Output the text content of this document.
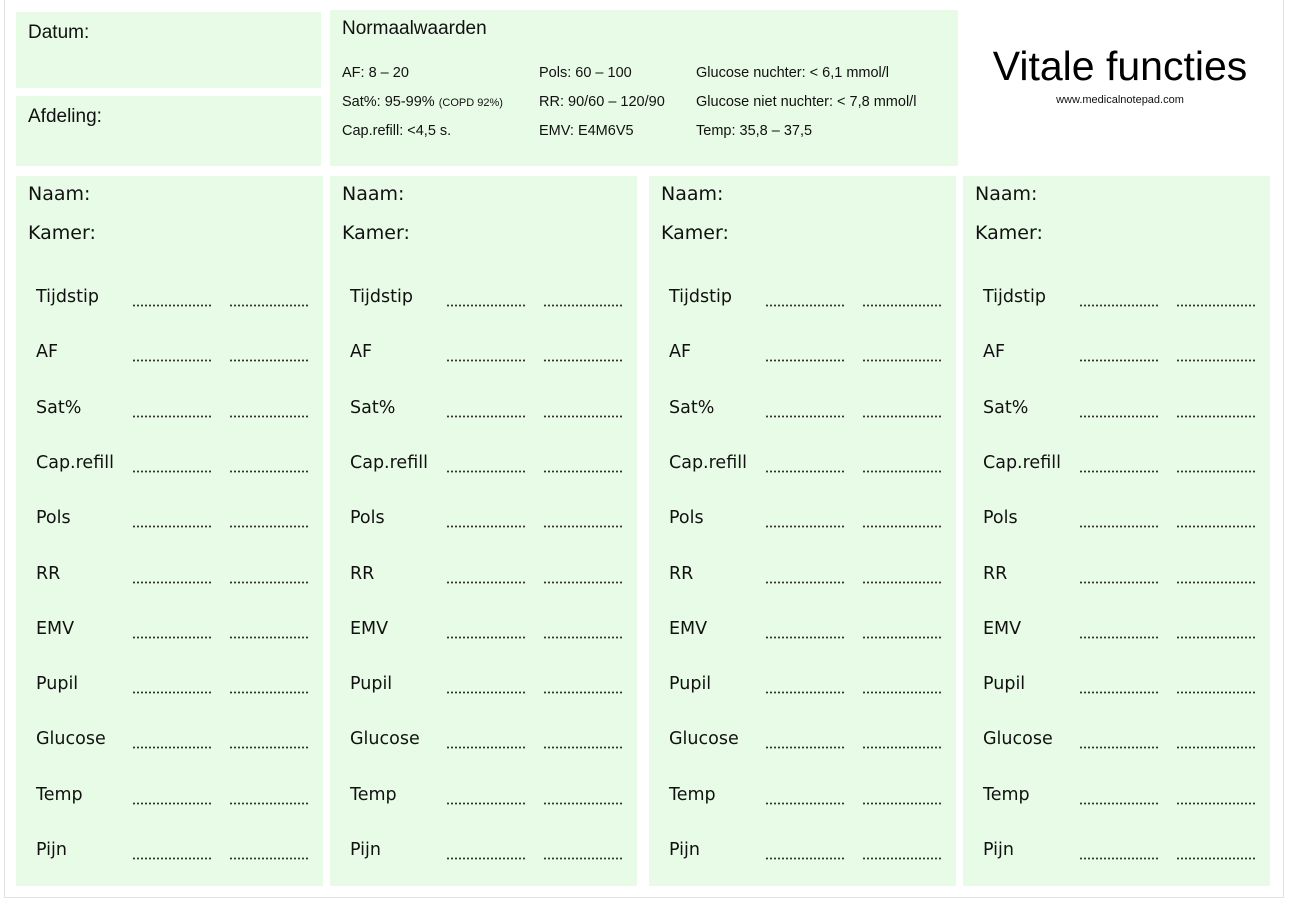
Datum:
Afdeling:
Normaalwaarden
AF: 8 – 20
Sat%: 95-99% (COPD 92%)
Cap.refill: <4,5 s.
Pols: 60 – 100
RR: 90/60 – 120/90
EMV: E4M6V5
Glucose nuchter: < 6,1 mmol/l
Glucose niet nuchter: < 7,8 mmol/l
Temp: 35,8 – 37,5
Vitale functies
www.medicalnotepad.com
Naam:
Kamer:
Tijdstip
AF
Sat%
Cap.refill
Pols
RR
EMV
Pupil
Glucose
Temp
Pijn
Naam:
Kamer:
Tijdstip
AF
Sat%
Cap.refill
Pols
RR
EMV
Pupil
Glucose
Temp
Pijn
Naam:
Kamer:
Tijdstip
AF
Sat%
Cap.refill
Pols
RR
EMV
Pupil
Glucose
Temp
Pijn
Naam:
Kamer:
Tijdstip
AF
Sat%
Cap.refill
Pols
RR
EMV
Pupil
Glucose
Temp
Pijn
